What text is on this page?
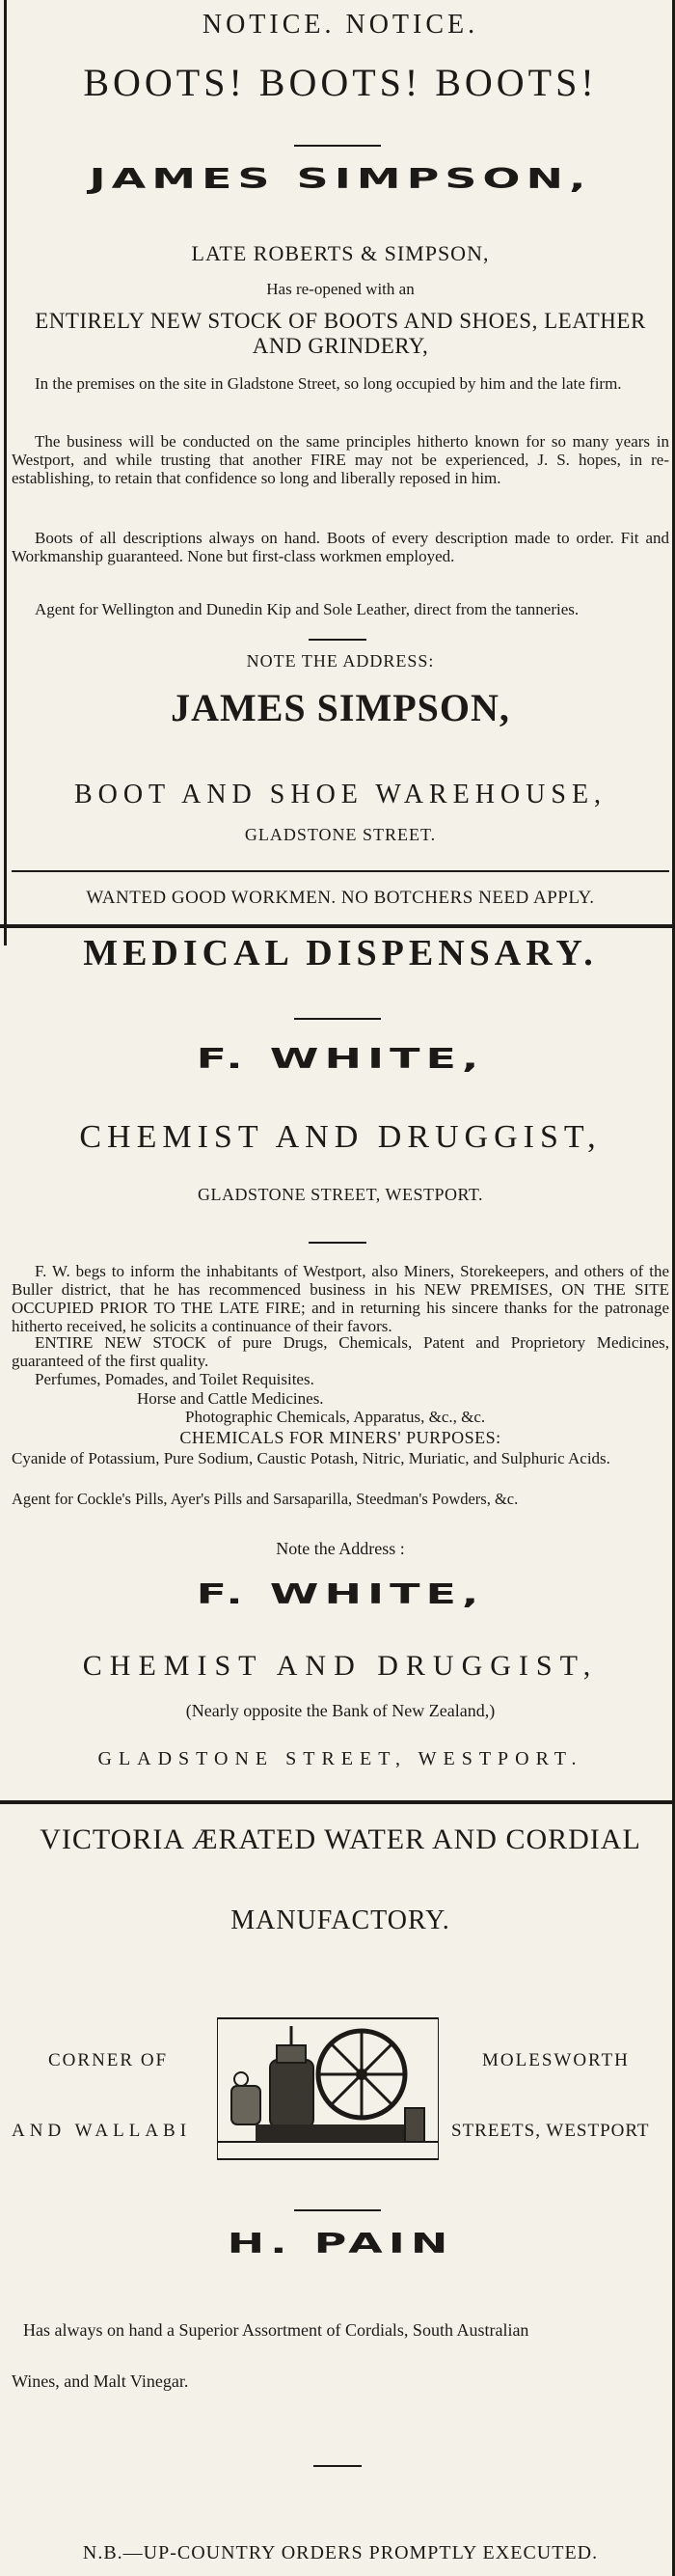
NOTICE. NOTICE.
BOOTS! BOOTS! BOOTS!
JAMES SIMPSON,
LATE ROBERTS & SIMPSON,
Has re-opened with an
ENTIRELY NEW STOCK OF BOOTS AND SHOES, LEATHER AND GRINDERY,
In the premises on the site in Gladstone Street, so long occupied by him and the late firm.
The business will be conducted on the same principles hitherto known for so many years in Westport, and while trusting that another FIRE may not be experienced, J. S. hopes, in re-establishing, to retain that confidence so long and liberally reposed in him.
Boots of all descriptions always on hand. Boots of every description made to order. Fit and Workmanship guaranteed. None but first-class workmen employed.
Agent for Wellington and Dunedin Kip and Sole Leather, direct from the tanneries.
NOTE THE ADDRESS:
JAMES SIMPSON,
BOOT AND SHOE WAREHOUSE,
GLADSTONE STREET.
WANTED GOOD WORKMEN. NO BOTCHERS NEED APPLY.
MEDICAL DISPENSARY.
F. WHITE,
CHEMIST AND DRUGGIST,
GLADSTONE STREET, WESTPORT.
F. W. begs to inform the inhabitants of Westport, also Miners, Storekeepers, and others of the Buller district, that he has recommenced business in his NEW PREMISES, ON THE SITE OCCUPIED PRIOR TO THE LATE FIRE; and in returning his sincere thanks for the patronage hitherto received, he solicits a continuance of their favors.
ENTIRE NEW STOCK of pure Drugs, Chemicals, Patent and Proprietory Medicines, guaranteed of the first quality.
Perfumes, Pomades, and Toilet Requisites.
Horse and Cattle Medicines.
Photographic Chemicals, Apparatus, &c., &c.
CHEMICALS FOR MINERS' PURPOSES:
Cyanide of Potassium, Pure Sodium, Caustic Potash, Nitric, Muriatic, and Sulphuric Acids.
Agent for Cockle's Pills, Ayer's Pills and Sarsaparilla, Steedman's Powders, &c.
Note the Address :
F. WHITE,
CHEMIST AND DRUGGIST,
(Nearly opposite the Bank of New Zealand,)
GLADSTONE STREET, WESTPORT.
VICTORIA ÆRATED WATER AND CORDIAL
MANUFACTORY.
CORNER OF	MOLESWORTH
AND WALLABI	STREETS, WESTPORT
H. PAIN
Has always on hand a Superior Assortment of Cordials, South Australian
Wines, and Malt Vinegar.
N.B.—UP-COUNTRY ORDERS PROMPTLY EXECUTED.
